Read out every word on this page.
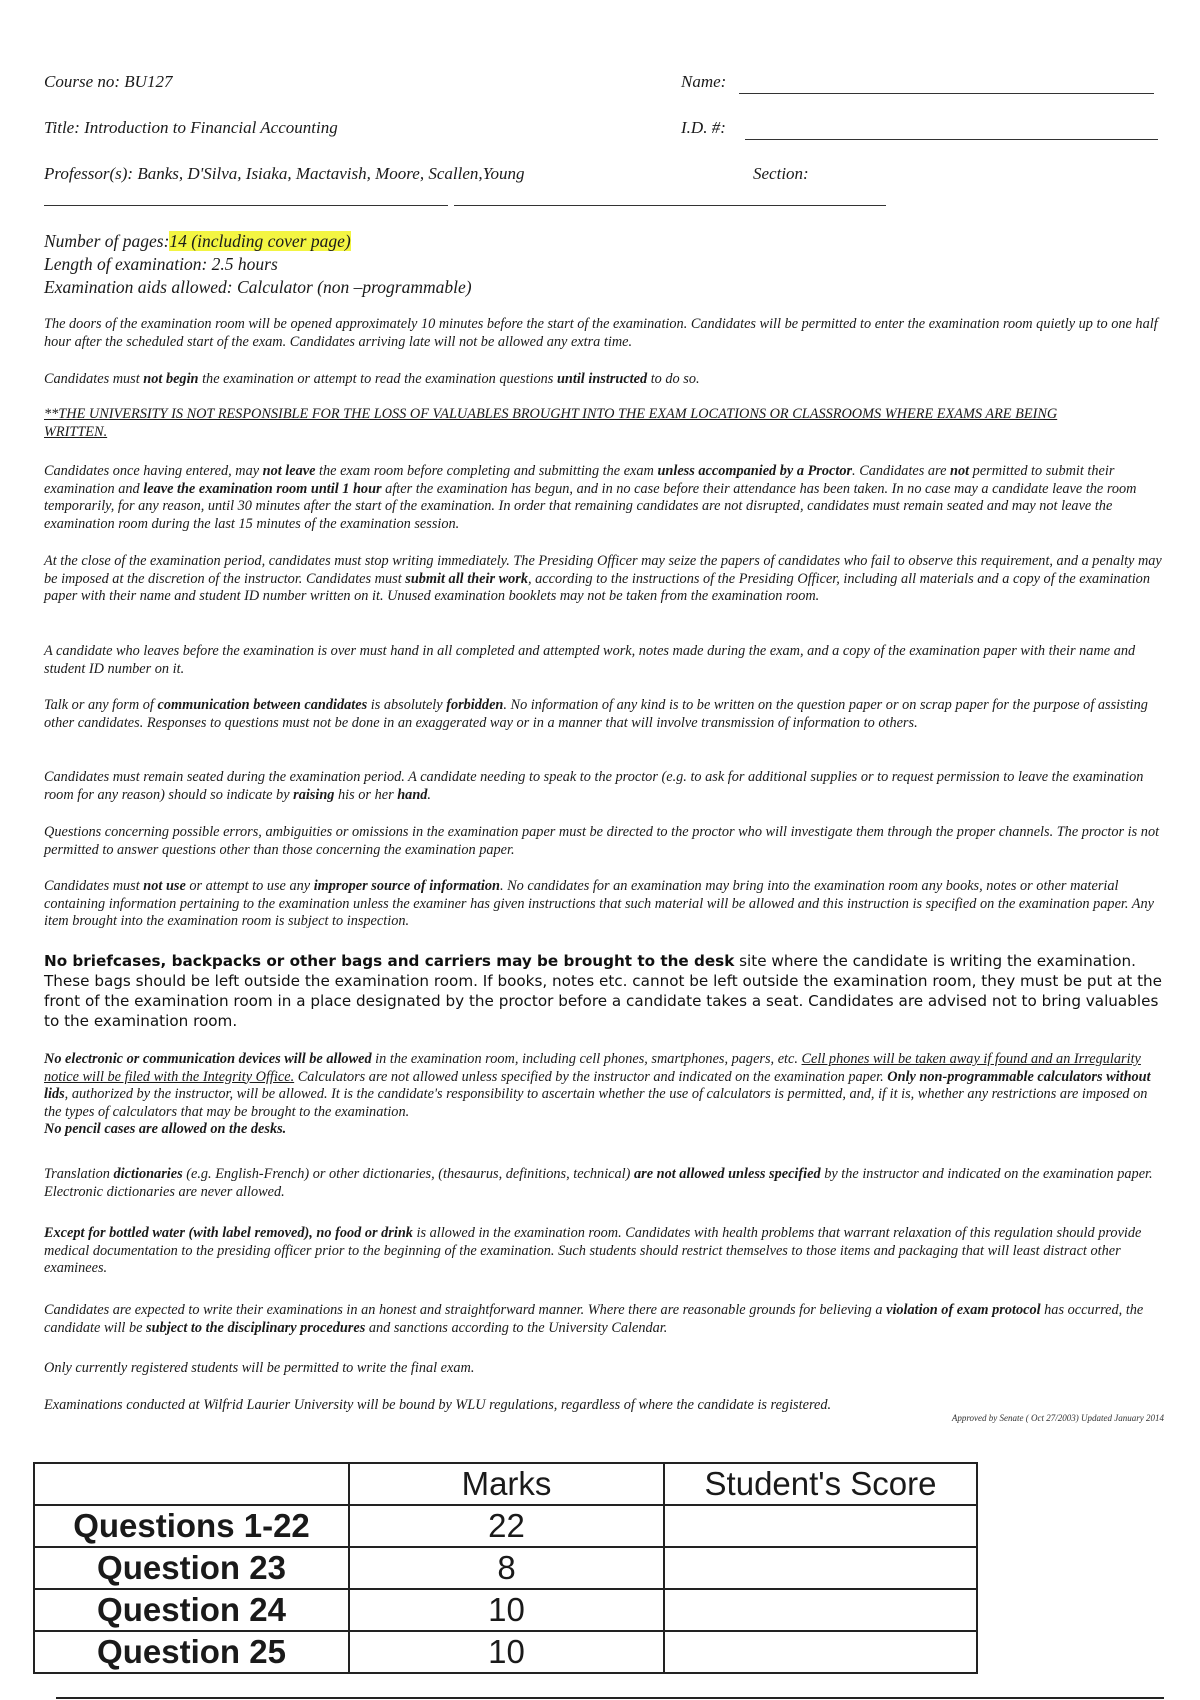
Course no: BU127	Name:
Title: Introduction to Financial Accounting	I.D. #:
Professor(s): Banks, D'Silva, Isiaka, Mactavish, Moore, Scallen,Young	Section:
Number of pages:14 (including cover page)
Length of examination: 2.5 hours
Examination aids allowed: Calculator (non –programmable)

The doors of the examination room will be opened approximately 10 minutes before the start of the examination. Candidates will be permitted to enter the examination room quietly up to one half hour after the scheduled start of the exam. Candidates arriving late will not be allowed any extra time.

Candidates must not begin the examination or attempt to read the examination questions until instructed to do so.

**THE UNIVERSITY IS NOT RESPONSIBLE FOR THE LOSS OF VALUABLES BROUGHT INTO THE EXAM LOCATIONS OR CLASSROOMS WHERE EXAMS ARE BEING WRITTEN.

Candidates once having entered, may not leave the exam room before completing and submitting the exam unless accompanied by a Proctor. Candidates are not permitted to submit their examination and leave the examination room until 1 hour after the examination has begun, and in no case before their attendance has been taken. In no case may a candidate leave the room temporarily, for any reason, until 30 minutes after the start of the examination. In order that remaining candidates are not disrupted, candidates must remain seated and may not leave the examination room during the last 15 minutes of the examination session.

At the close of the examination period, candidates must stop writing immediately. The Presiding Officer may seize the papers of candidates who fail to observe this requirement, and a penalty may be imposed at the discretion of the instructor. Candidates must submit all their work, according to the instructions of the Presiding Officer, including all materials and a copy of the examination paper with their name and student ID number written on it. Unused examination booklets may not be taken from the examination room.

A candidate who leaves before the examination is over must hand in all completed and attempted work, notes made during the exam, and a copy of the examination paper with their name and student ID number on it.

Talk or any form of communication between candidates is absolutely forbidden. No information of any kind is to be written on the question paper or on scrap paper for the purpose of assisting other candidates. Responses to questions must not be done in an exaggerated way or in a manner that will involve transmission of information to others.

Candidates must remain seated during the examination period. A candidate needing to speak to the proctor (e.g. to ask for additional supplies or to request permission to leave the examination room for any reason) should so indicate by raising his or her hand.

Questions concerning possible errors, ambiguities or omissions in the examination paper must be directed to the proctor who will investigate them through the proper channels. The proctor is not permitted to answer questions other than those concerning the examination paper.

Candidates must not use or attempt to use any improper source of information. No candidates for an examination may bring into the examination room any books, notes or other material containing information pertaining to the examination unless the examiner has given instructions that such material will be allowed and this instruction is specified on the examination paper. Any item brought into the examination room is subject to inspection.

No briefcases, backpacks or other bags and carriers may be brought to the desk site where the candidate is writing the examination. These bags should be left outside the examination room. If books, notes etc. cannot be left outside the examination room, they must be put at the front of the examination room in a place designated by the proctor before a candidate takes a seat. Candidates are advised not to bring valuables to the examination room.

No electronic or communication devices will be allowed in the examination room, including cell phones, smartphones, pagers, etc. Cell phones will be taken away if found and an Irregularity notice will be filed with the Integrity Office. Calculators are not allowed unless specified by the instructor and indicated on the examination paper. Only non-programmable calculators without lids, authorized by the instructor, will be allowed. It is the candidate's responsibility to ascertain whether the use of calculators is permitted, and, if it is, whether any restrictions are imposed on the types of calculators that may be brought to the examination.
No pencil cases are allowed on the desks.

Translation dictionaries (e.g. English-French) or other dictionaries, (thesaurus, definitions, technical) are not allowed unless specified by the instructor and indicated on the examination paper. Electronic dictionaries are never allowed.

Except for bottled water (with label removed), no food or drink is allowed in the examination room. Candidates with health problems that warrant relaxation of this regulation should provide medical documentation to the presiding officer prior to the beginning of the examination. Such students should restrict themselves to those items and packaging that will least distract other examinees.

Candidates are expected to write their examinations in an honest and straightforward manner. Where there are reasonable grounds for believing a violation of exam protocol has occurred, the candidate will be subject to the disciplinary procedures and sanctions according to the University Calendar.

Only currently registered students will be permitted to write the final exam.

Examinations conducted at Wilfrid Laurier University will be bound by WLU regulations, regardless of where the candidate is registered.

Approved by Senate ( Oct 27/2003) Updated January 2014
	Marks	Student's Score
Questions 1-22	22	
Question 23	8	
Question 24	10	
Question 25	10	
